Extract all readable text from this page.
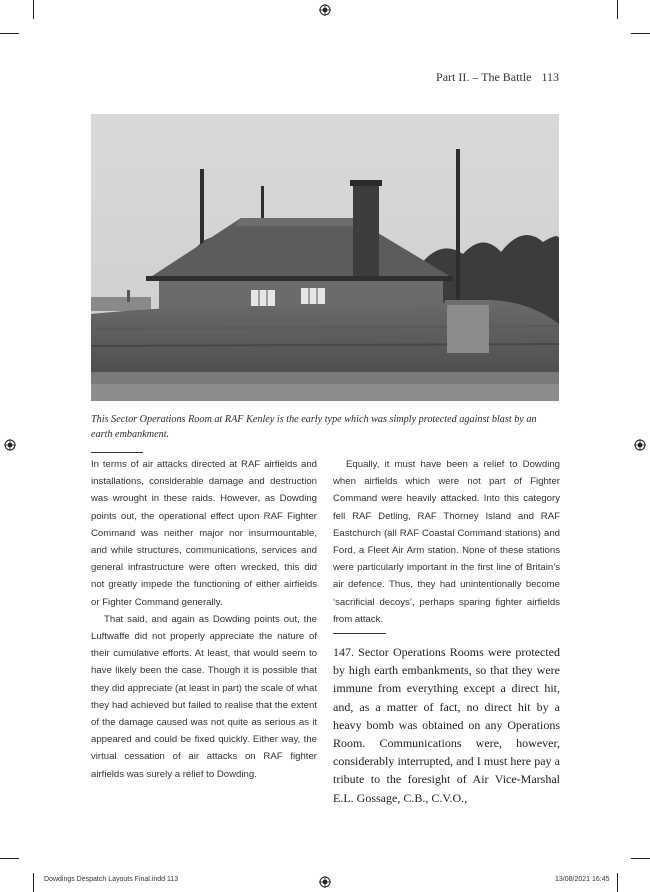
Part II. – The Battle 113
This Sector Operations Room at RAF Kenley is the early type which was simply protected against blast by an earth embankment.

In terms of air attacks directed at RAF airfields and installations, considerable damage and destruction was wrought in these raids. However, as Dowding points out, the operational effect upon RAF Fighter Command was neither major nor insurmountable, and while structures, communications, services and general infrastructure were often wrecked, this did not greatly impede the functioning of either airfields or Fighter Command generally.

That said, and again as Dowding points out, the Luftwaffe did not properly appreciate the nature of their cumulative efforts. At least, that would seem to have likely been the case. Though it is possible that they did appreciate (at least in part) the scale of what they had achieved but failed to realise that the extent of the damage caused was not quite as serious as it appeared and could be fixed quickly. Either way, the virtual cessation of air attacks on RAF fighter airfields was surely a relief to Dowding.

Equally, it must have been a relief to Dowding when airfields which were not part of Fighter Command were heavily attacked. Into this category fell RAF Detling, RAF Thorney Island and RAF Eastchurch (all RAF Coastal Command stations) and Ford, a Fleet Air Arm station. None of these stations were particularly important in the first line of Britain’s air defence. Thus, they had unintentionally become ‘sacrificial decoys’, perhaps sparing fighter airfields from attack.

147. Sector Operations Rooms were protected by high earth embankments, so that they were immune from everything except a direct hit, and, as a matter of fact, no direct hit by a heavy bomb was obtained on any Operations Room. Communications were, however, considerably interrupted, and I must here pay a tribute to the foresight of Air Vice-Marshal E.L. Gossage, C.B., C.V.O.,
Dowdings Despatch Layouts Final.indd 113	13/08/2021 16:45
